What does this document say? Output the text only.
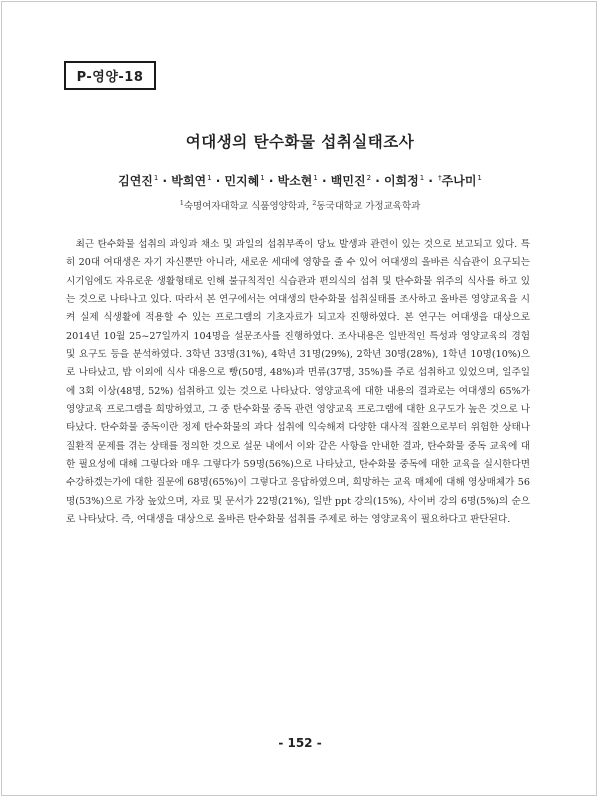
P-영양-18
여대생의 탄수화물 섭취실태조사
김연진$^1$ · 박희연$^1$ · 민지혜$^1$ · 박소현$^1$ · 백민진$^2$ · 이희정$^1$ · †주나미$^1$
$^1$숙명여자대학교 식품영양학과, $^2$동국대학교 가정교육학과
최근 탄수화물 섭취의 과잉과 채소 및 과일의 섭취부족이 당뇨 발생과 관련이 있는 것으로 보고되고 있다. 특히 20대 여대생은 자기 자신뿐만 아니라, 새로운 세대에 영향을 줄 수 있어 여대생의 올바른 식습관이 요구되는 시기임에도 자유로운 생활형태로 인해 불규칙적인 식습관과 편의식의 섭취 및 탄수화물 위주의 식사를 하고 있는 것으로 나타나고 있다. 따라서 본 연구에서는 여대생의 탄수화물 섭취실태를 조사하고 올바른 영양교육을 시켜 실제 식생활에 적용할 수 있는 프로그램의 기초자료가 되고자 진행하였다. 본 연구는 여대생을 대상으로 2014년 10월 25~27일까지 104명을 설문조사를 진행하였다. 조사내용은 일반적인 특성과 영양교육의 경험 및 요구도 등을 분석하였다. 3학년 33명(31%), 4학년 31명(29%), 2학년 30명(28%), 1학년 10명(10%)으로 나타났고, 밥 이외에 식사 대용으로 빵(50명, 48%)과 면류(37명, 35%)를 주로 섭취하고 있었으며, 일주일에 3회 이상(48명, 52%) 섭취하고 있는 것으로 나타났다. 영양교육에 대한 내용의 결과로는 여대생의 65%가 영양교육 프로그램을 희망하였고, 그 중 탄수화물 중독 관련 영양교육 프로그램에 대한 요구도가 높은 것으로 나타났다. 탄수화물 중독이란 정제 탄수화물의 과다 섭취에 익숙해져 다양한 대사적 질환으로부터 위험한 상태나 질환적 문제를 겪는 상태를 정의한 것으로 설문 내에서 이와 같은 사항을 안내한 결과, 탄수화물 중독 교육에 대한 필요성에 대해 그렇다와 매우 그렇다가 59명(56%)으로 나타났고, 탄수화물 중독에 대한 교육을 실시한다면 수강하겠는가에 대한 질문에 68명(65%)이 그렇다고 응답하였으며, 희망하는 교육 매체에 대해 영상매체가 56명(53%)으로 가장 높았으며, 자료 및 문서가 22명(21%), 일반 ppt 강의(15%), 사이버 강의 6명(5%)의 순으로 나타났다. 즉, 여대생을 대상으로 올바른 탄수화물 섭취를 주제로 하는 영양교육이 필요하다고 판단된다.
- 152 -
